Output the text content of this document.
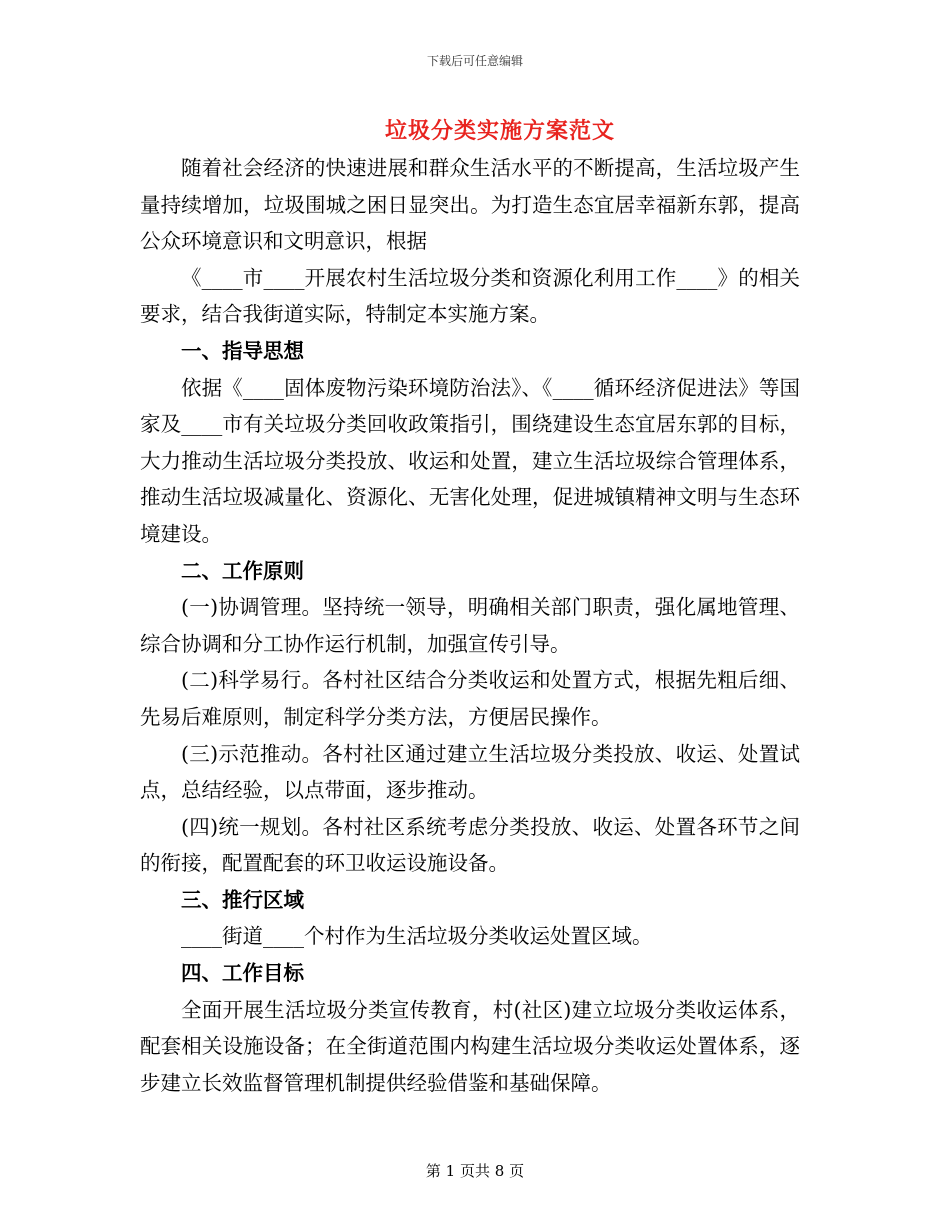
下载后可任意编辑
垃圾分类实施方案范文

随着社会经济的快速进展和群众生活水平的不断提高，生活垃圾产生量持续增加，垃圾围城之困日显突出。为打造生态宜居幸福新东郭，提高公众环境意识和文明意识，根据

《____市____开展农村生活垃圾分类和资源化利用工作____》的相关要求，结合我街道实际，特制定本实施方案。

一、指导思想

依据《____固体废物污染环境防治法》、《____循环经济促进法》等国家及____市有关垃圾分类回收政策指引，围绕建设生态宜居东郭的目标，大力推动生活垃圾分类投放、收运和处置，建立生活垃圾综合管理体系，推动生活垃圾减量化、资源化、无害化处理，促进城镇精神文明与生态环境建设。

二、工作原则

(一)协调管理。坚持统一领导，明确相关部门职责，强化属地管理、综合协调和分工协作运行机制，加强宣传引导。

(二)科学易行。各村社区结合分类收运和处置方式，根据先粗后细、先易后难原则，制定科学分类方法，方便居民操作。

(三)示范推动。各村社区通过建立生活垃圾分类投放、收运、处置试点，总结经验，以点带面，逐步推动。

(四)统一规划。各村社区系统考虑分类投放、收运、处置各环节之间的衔接，配置配套的环卫收运设施设备。

三、推行区域

____街道____个村作为生活垃圾分类收运处置区域。

四、工作目标

全面开展生活垃圾分类宣传教育，村(社区)建立垃圾分类收运体系，配套相关设施设备；在全街道范围内构建生活垃圾分类收运处置体系，逐步建立长效监督管理机制提供经验借鉴和基础保障。

第 1 页共 8 页
